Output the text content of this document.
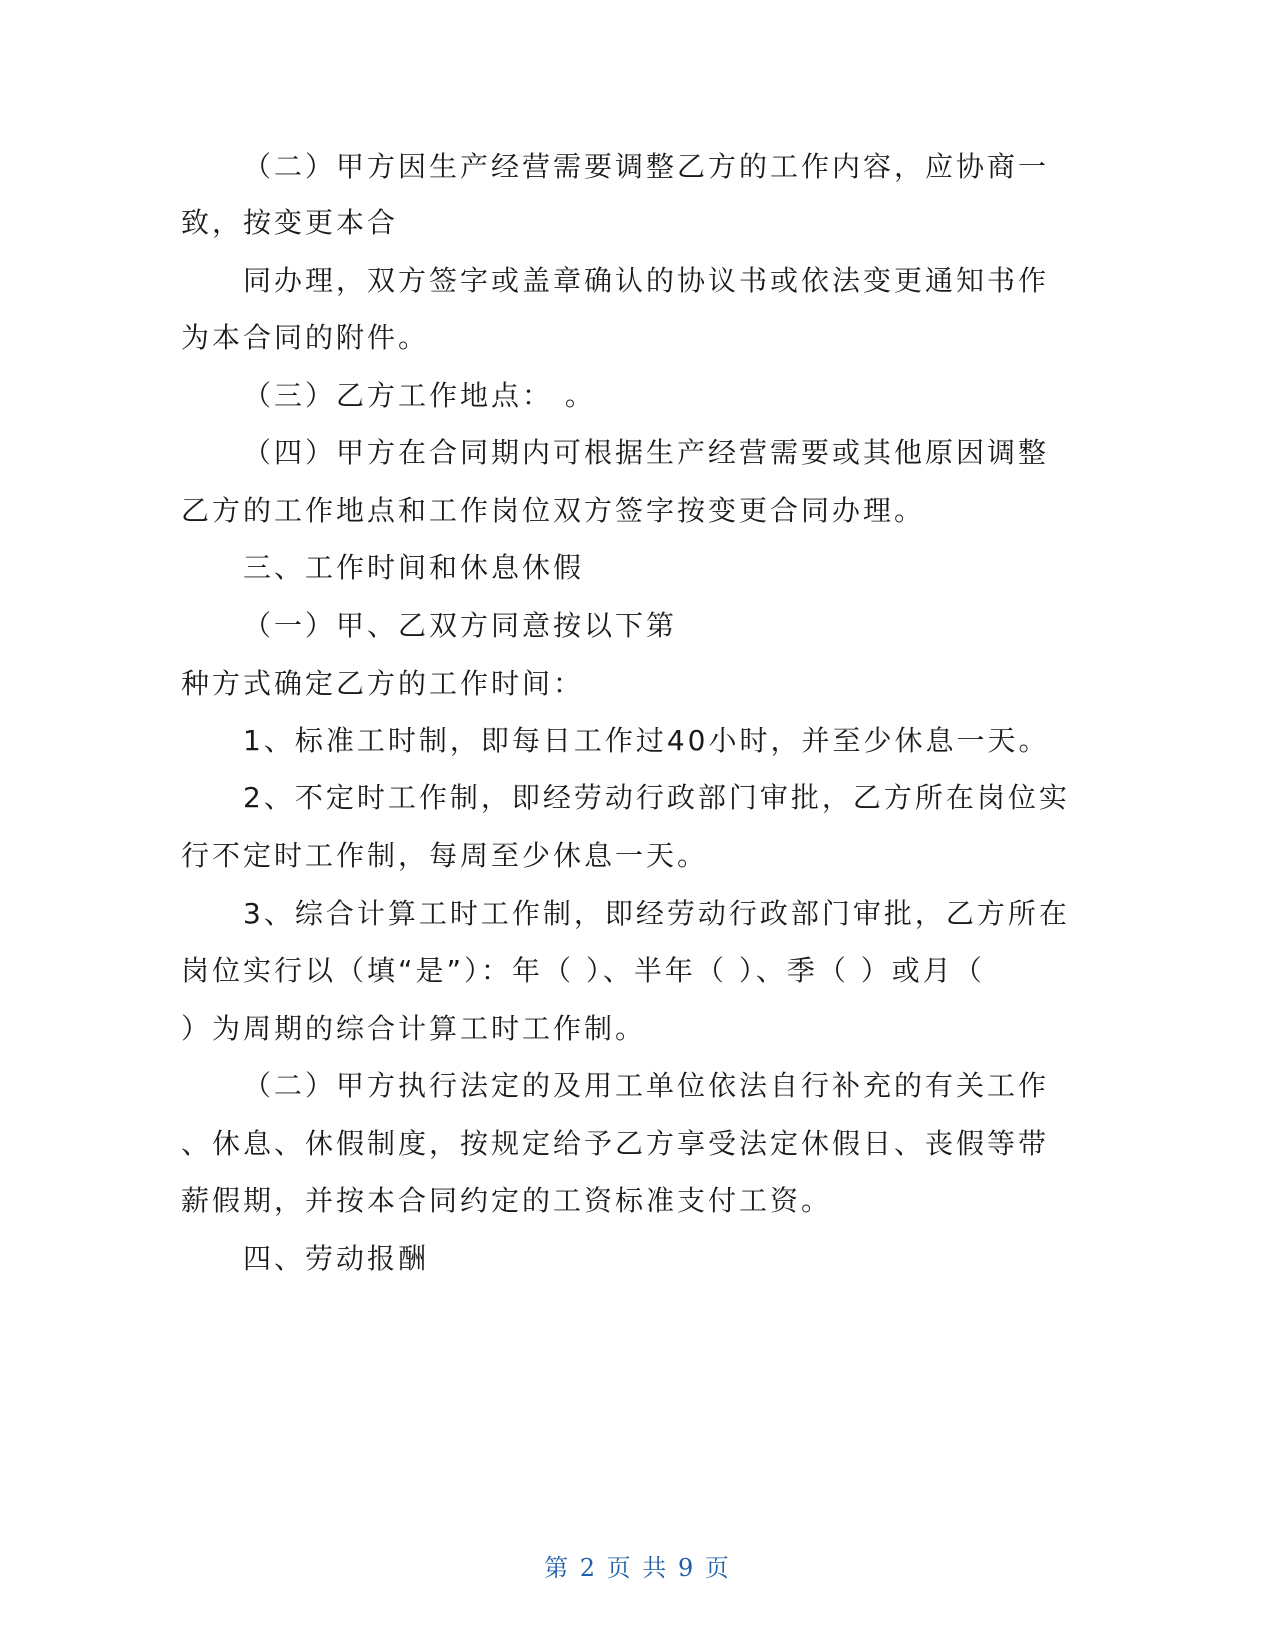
（二）甲方因生产经营需要调整乙方的工作内容，应协商一
致，按变更本合
同办理，双方签字或盖章确认的协议书或依法变更通知书作
为本合同的附件。
（三）乙方工作地点： 。
（四）甲方在合同期内可根据生产经营需要或其他原因调整
乙方的工作地点和工作岗位双方签字按变更合同办理。
三、工作时间和休息休假
（一）甲、乙双方同意按以下第
种方式确定乙方的工作时间：
1、标准工时制，即每日工作过40小时，并至少休息一天。
2、不定时工作制，即经劳动行政部门审批，乙方所在岗位实
行不定时工作制，每周至少休息一天。
3、综合计算工时工作制，即经劳动行政部门审批，乙方所在
岗位实行以（填“是”）：年（ ）、半年（ ）、季（ ）或月（
）为周期的综合计算工时工作制。
（二）甲方执行法定的及用工单位依法自行补充的有关工作
、休息、休假制度，按规定给予乙方享受法定休假日、丧假等带
薪假期，并按本合同约定的工资标准支付工资。
四、劳动报酬
第 2 页 共 9 页
